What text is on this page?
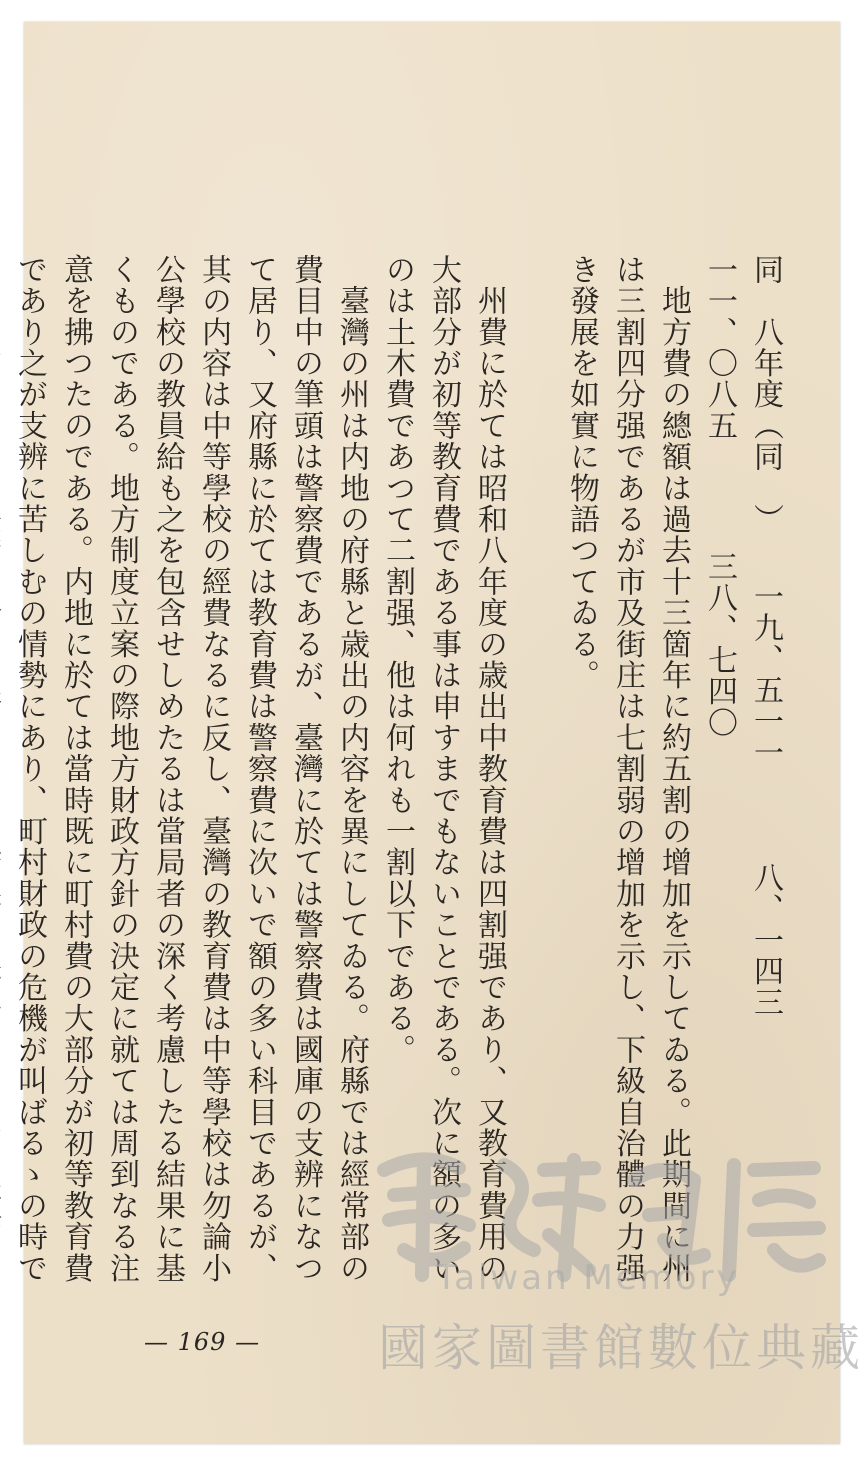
同　八年度（同　）一九、五一一八、一四三一一、〇八五三八、七四〇

　地方費の總額は過去十三箇年に約五割の增加を示してゐる。此期間に州は三割四分强であるが市及街庄は七割弱の增加を示し、下級自治體の力强き發展を如實に物語つてゐる。

　州費に於ては昭和八年度の歳出中教育費は四割强であり、又教育費用の大部分が初等教育費である事は申すまでもないことである。次に額の多いのは土木費であつて二割强、他は何れも一割以下である。

　臺灣の州は内地の府縣と歳出の内容を異にしてゐる。府縣では經常部の費目中の筆頭は警察費であるが、臺灣に於ては警察費は國庫の支辨になつて居り、又府縣に於ては教育費は警察費に次いで額の多い科目であるが、其の内容は中等學校の經費なるに反し、臺灣の教育費は中等學校は勿論小公學校の教員給も之を包含せしめたるは當局者の深く考慮したる結果に基くものである。地方制度立案の際地方財政方針の決定に就ては周到なる注意を拂つたのである。内地に於ては當時既に町村費の大部分が初等教育費であり之が支辨に苦しむの情勢にあり、町村財政の危機が叫ばるゝの時で

— 169 —
Taiwan Memory
國家圖書館數位典藏
